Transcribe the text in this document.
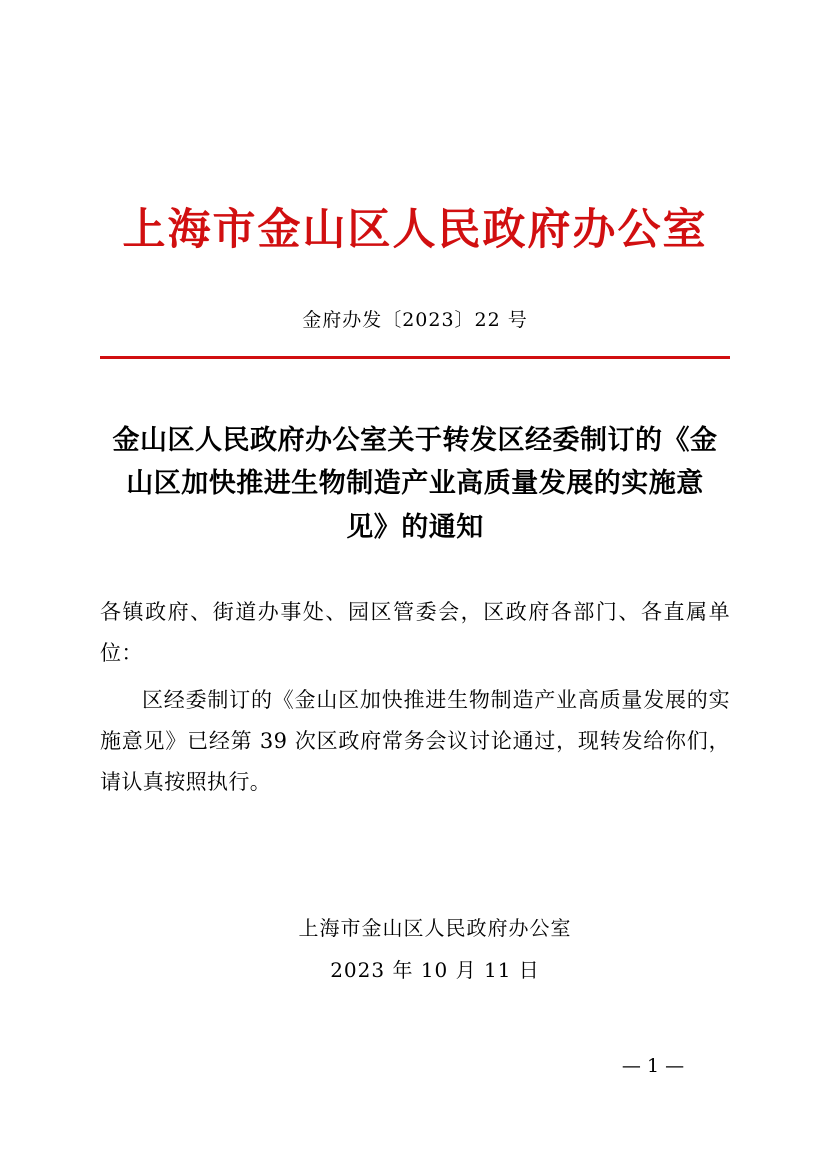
上海市金山区人民政府办公室
金府办发〔2023〕22 号
金山区人民政府办公室关于转发区经委制订的《金山区加快推进生物制造产业高质量发展的实施意见》的通知
各镇政府、街道办事处、园区管委会，区政府各部门、各直属单位：
区经委制订的《金山区加快推进生物制造产业高质量发展的实施意见》已经第 39 次区政府常务会议讨论通过，现转发给你们，请认真按照执行。
上海市金山区人民政府办公室
2023 年 10 月 11 日
— 1 —
